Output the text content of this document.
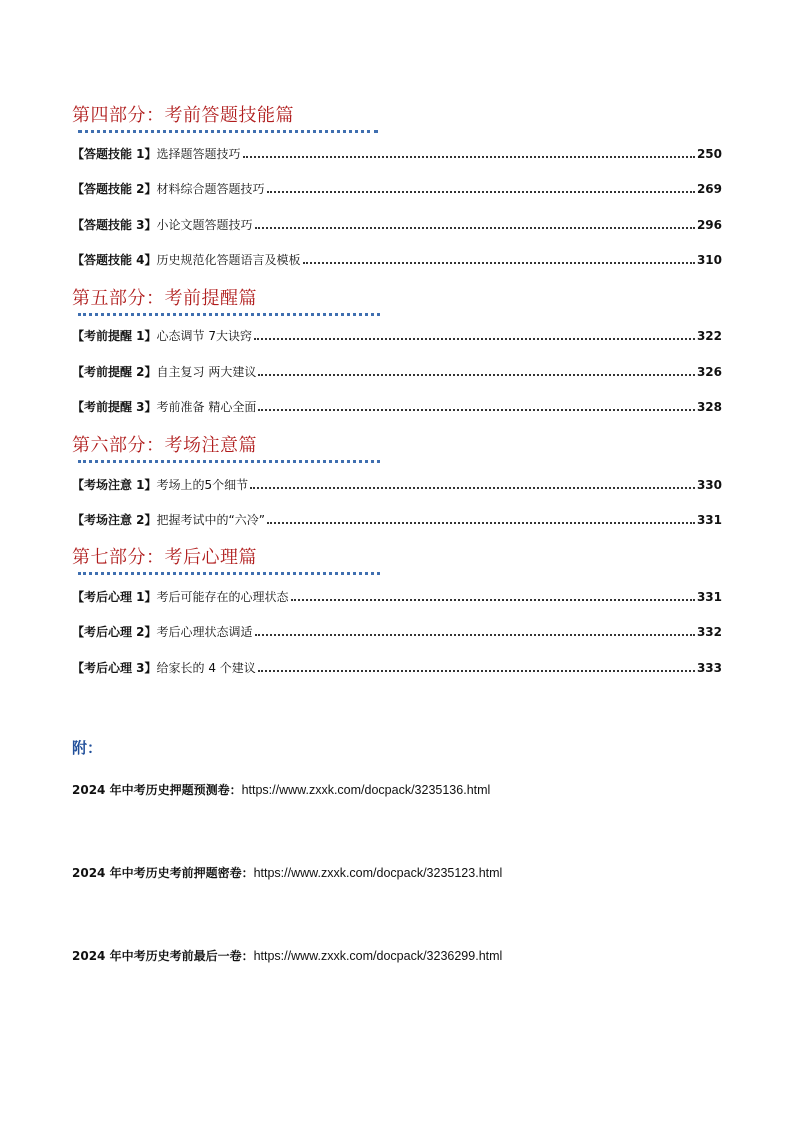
第四部分：考前答题技能篇
【答题技能 1】选择题答题技巧	250
【答题技能 2】材料综合题答题技巧	269
【答题技能 3】小论文题答题技巧	296
【答题技能 4】历史规范化答题语言及模板	310
第五部分：考前提醒篇
【考前提醒 1】心态调节 7大诀窍	322
【考前提醒 2】自主复习 两大建议	326
【考前提醒 3】考前准备 精心全面	328
第六部分：考场注意篇
【考场注意 1】考场上的5个细节	330
【考场注意 2】把握考试中的“六冷”	331
第七部分：考后心理篇
【考后心理 1】考后可能存在的心理状态	331
【考后心理 2】考后心理状态调适	332
【考后心理 3】给家长的 4 个建议	333
附：
2024 年中考历史押题预测卷：https://www.zxxk.com/docpack/3235136.html
2024 年中考历史考前押题密卷：https://www.zxxk.com/docpack/3235123.html
2024 年中考历史考前最后一卷：https://www.zxxk.com/docpack/3236299.html
